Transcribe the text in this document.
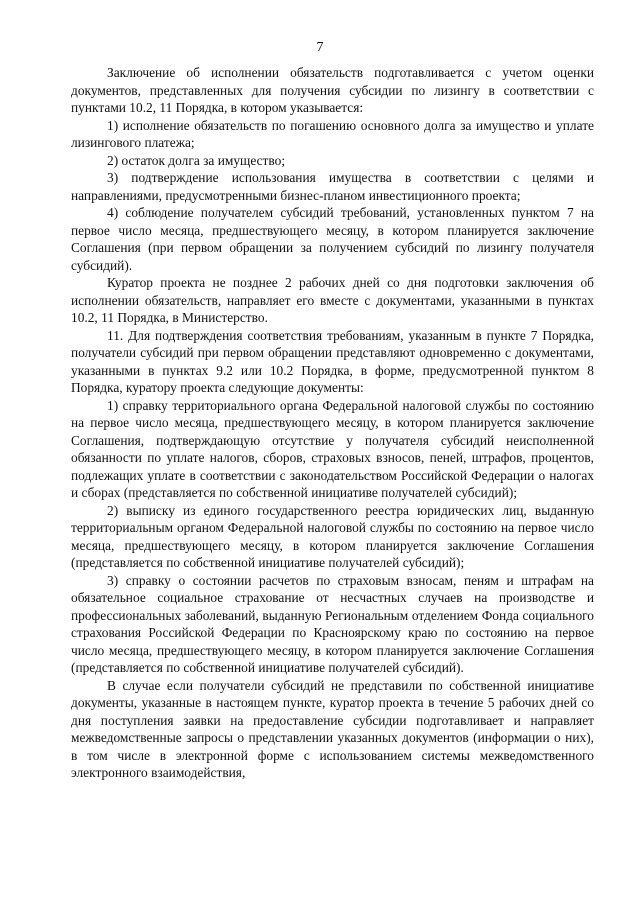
7

Заключение об исполнении обязательств подготавливается с учетом оценки документов, представленных для получения субсидии по лизингу в соответствии с пунктами 10.2, 11 Порядка, в котором указывается:

1) исполнение обязательств по погашению основного долга за имущество и уплате лизингового платежа;

2) остаток долга за имущество;

3) подтверждение использования имущества в соответствии с целями и направлениями, предусмотренными бизнес-планом инвестиционного проекта;

4) соблюдение получателем субсидий требований, установленных пунктом 7 на первое число месяца, предшествующего месяцу, в котором планируется заключение Соглашения (при первом обращении за получением субсидий по лизингу получателя субсидий).

Куратор проекта не позднее 2 рабочих дней со дня подготовки заключения об исполнении обязательств, направляет его вместе с документами, указанными в пунктах 10.2, 11 Порядка, в Министерство.

11. Для подтверждения соответствия требованиям, указанным в пункте 7 Порядка, получатели субсидий при первом обращении представляют одновременно с документами, указанными в пунктах 9.2 или 10.2 Порядка, в форме, предусмотренной пунктом 8 Порядка, куратору проекта следующие документы:

1) справку территориального органа Федеральной налоговой службы по состоянию на первое число месяца, предшествующего месяцу, в котором планируется заключение Соглашения, подтверждающую отсутствие у получателя субсидий неисполненной обязанности по уплате налогов, сборов, страховых взносов, пеней, штрафов, процентов, подлежащих уплате в соответствии с законодательством Российской Федерации о налогах и сборах (представляется по собственной инициативе получателей субсидий);

2) выписку из единого государственного реестра юридических лиц, выданную территориальным органом Федеральной налоговой службы по состоянию на первое число месяца, предшествующего месяцу, в котором планируется заключение Соглашения (представляется по собственной инициативе получателей субсидий);

3) справку о состоянии расчетов по страховым взносам, пеням и штрафам на обязательное социальное страхование от несчастных случаев на производстве и профессиональных заболеваний, выданную Региональным отделением Фонда социального страхования Российской Федерации по Красноярскому краю по состоянию на первое число месяца, предшествующего месяцу, в котором планируется заключение Соглашения (представляется по собственной инициативе получателей субсидий).

В случае если получатели субсидий не представили по собственной инициативе документы, указанные в настоящем пункте, куратор проекта в течение 5 рабочих дней со дня поступления заявки на предоставление субсидии подготавливает и направляет межведомственные запросы о представлении указанных документов (информации о них), в том числе в электронной форме с использованием системы межведомственного электронного взаимодействия,
